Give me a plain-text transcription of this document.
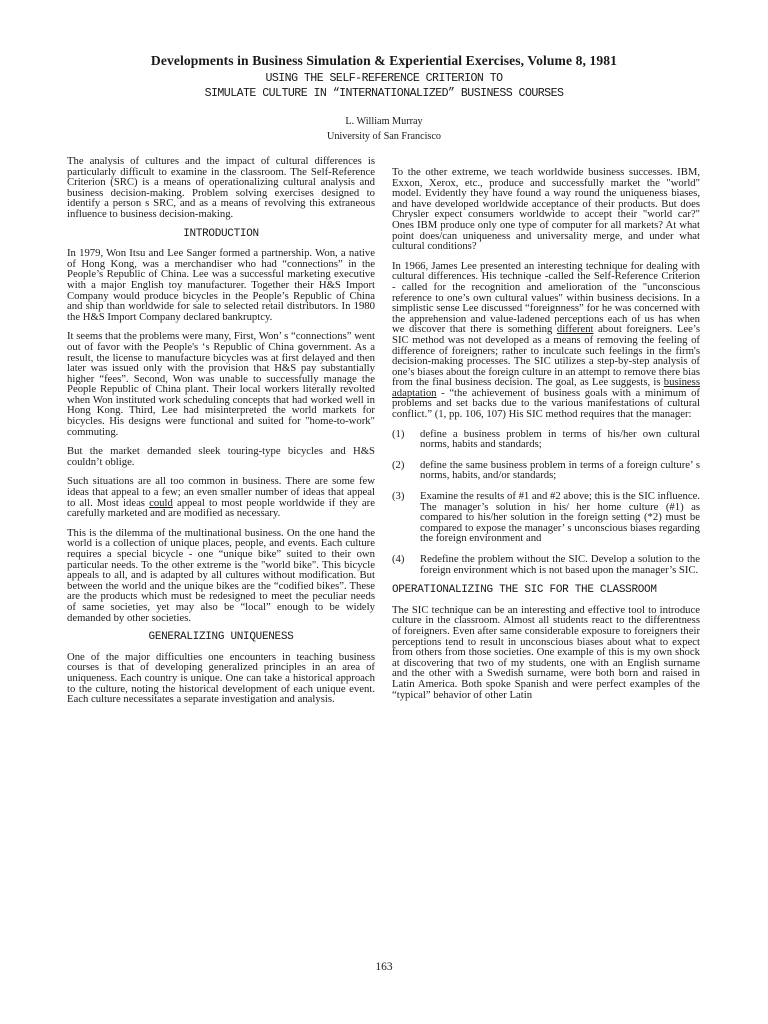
Developments in Business Simulation & Experiential Exercises, Volume 8, 1981
USING THE SELF-REFERENCE CRITERION TO
SIMULATE CULTURE IN “INTERNATIONALIZED” BUSINESS COURSES
L. William Murray
University of San Francisco

The analysis of cultures and the impact of cultural differences is particularly difficult to examine in the classroom. The Self-Reference Criterion (SRC) is a means of operationalizing cultural analysis and business decision-making. Problem solving exercises designed to identify a person s SRC, and as a means of revolving this extraneous influence to business decision-making.

INTRODUCTION

In 1979, Won Itsu and Lee Sanger formed a partnership. Won, a native of Hong Kong, was a merchandiser who had “connections” in the People’s Republic of China. Lee was a successful marketing executive with a major English toy manufacturer. Together their H&S Import Company would produce bicycles in the People’s Republic of China and ship than worldwide for sale to selected retail distributors. In 1980 the H&S Import Company declared bankruptcy.

It seems that the problems were many, First, Won’ s “connections” went out of favor with the People's ‘s Republic of China government. As a result, the license to manufacture bicycles was at first delayed and then later was issued only with the provision that H&S pay substantially higher “fees”. Second, Won was unable to successfully manage the People Republic of China plant. Their local workers literally revolted when Won instituted work scheduling concepts that had worked well in Hong Kong. Third, Lee had misinterpreted the world markets for bicycles. His designs were functional and suited for "home-to-work" commuting.

But the market demanded sleek touring-type bicycles and H&S couldn’t oblige.

Such situations are all too common in business. There are some few ideas that appeal to a few; an even smaller number of ideas that appeal to all. Most ideas could appeal to most people worldwide if they are carefully marketed and are modified as necessary.

This is the dilemma of the multinational business. On the one hand the world is a collection of unique places, people, and events. Each culture requires a special bicycle - one “unique bike” suited to their own particular needs. To the other extreme is the "world bike". This bicycle appeals to all, and is adapted by all cultures without modification. But between the world and the unique bikes are the “codified bikes”. These are the products which must be redesigned to meet the peculiar needs of same societies, yet may also be “local” enough to be widely demanded by other societies.

GENERALIZING UNIQUENESS

One of the major difficulties one encounters in teaching business courses is that of developing generalized principles in an area of uniqueness. Each country is unique. One can take a historical approach to the culture, noting the historical development of each unique event. Each culture necessitates a separate investigation and analysis.

To the other extreme, we teach worldwide business successes. IBM, Exxon, Xerox, etc., produce and successfully market the "world" model. Evidently they have found a way round the uniqueness biases, and have developed worldwide acceptance of their products. But does Chrysler expect consumers worldwide to accept their "world car?" Ones IBM produce only one type of computer for all markets? At what point does/can uniqueness and universality merge, and under what cultural conditions?

In 1966, James Lee presented an interesting technique for dealing with cultural differences. His technique -called the Self-Reference Criterion - called for the recognition and amelioration of the "unconscious reference to one’s own cultural values" within business decisions. In a simplistic sense Lee discussed “foreignness” for he was concerned with the apprehension and value-ladened perceptions each of us has when we discover that there is something different about foreigners. Lee’s SIC method was not developed as a means of removing the feeling of difference of foreigners; rather to inculcate such feelings in the firm's decision-making processes. The SIC utilizes a step-by-step analysis of one’s biases about the foreign culture in an attempt to remove there bias from the final business decision. The goal, as Lee suggests, is business adaptation - “the achievement of business goals with a minimum of problems and set backs due to the various manifestations of cultural conflict.” (1, pp. 106, 107) His SIC method requires that the manager:

(1)	define a business problem in terms of his/her own cultural norms, habits and standards;
(2)	define the same business problem in terms of a foreign culture’ s norms, habits, and/or standards;
(3)	Examine the results of #1 and #2 above; this is the SIC influence. The manager’s solution in his/ her home culture (#1) as compared to his/her solution in the foreign setting (*2) must be compared to expose the manager’ s unconscious biases regarding the foreign environment and
(4)	Redefine the problem without the SIC. Develop a solution to the foreign environment which is not based upon the manager’s SIC.
OPERATIONALIZING THE SIC FOR THE CLASSROOM

The SIC technique can be an interesting and effective tool to introduce culture in the classroom. Almost all students react to the differentness of foreigners. Even after same considerable exposure to foreigners their perceptions tend to result in unconscious biases about what to expect from others from those societies. One example of this is my own shock at discovering that two of my students, one with an English surname and the other with a Swedish surname, were both born and raised in Latin America. Both spoke Spanish and were perfect examples of the “typical” behavior of other Latin

163
